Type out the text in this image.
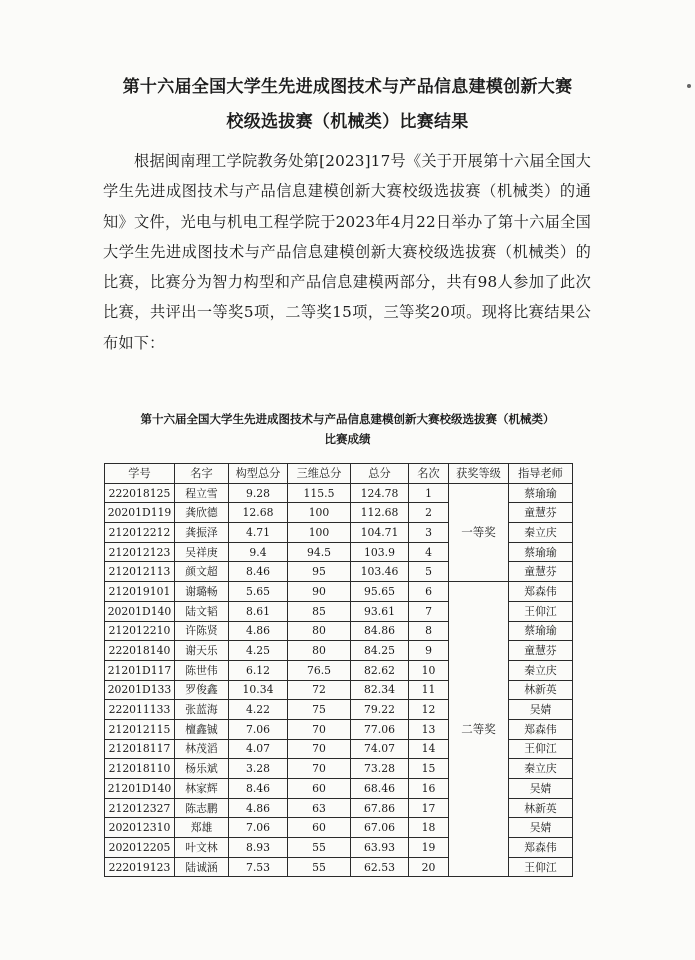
第十六届全国大学生先进成图技术与产品信息建模创新大赛
校级选拔赛（机械类）比赛结果

根据闽南理工学院教务处第[2023]17号《关于开展第十六届全国大学生先进成图技术与产品信息建模创新大赛校级选拔赛（机械类）的通知》文件，光电与机电工程学院于2023年4月22日举办了第十六届全国大学生先进成图技术与产品信息建模创新大赛校级选拔赛（机械类）的比赛，比赛分为智力构型和产品信息建模两部分，共有98人参加了此次比赛，共评出一等奖5项，二等奖15项，三等奖20项。现将比赛结果公布如下：

第十六届全国大学生先进成图技术与产品信息建模创新大赛校级选拔赛（机械类）
比赛成绩
学号	名字	构型总分	三维总分	总分	名次	获奖等级	指导老师
222018125	程立雪	9.28	115.5	124.78	1	一等奖	蔡瑜瑜
20201D119	龚欣德	12.68	100	112.68	2		童慧芬
212012212	龚振泽	4.71	100	104.71	3		秦立庆
212012123	吴祥庚	9.4	94.5	103.9	4		蔡瑜瑜
212012113	颜文超	8.46	95	103.46	5		童慧芬
212019101	谢璐畅	5.65	90	95.65	6	二等奖	郑森伟
20201D140	陆文韬	8.61	85	93.61	7		王仰江
212012210	许陈贤	4.86	80	84.86	8		蔡瑜瑜
222018140	谢天乐	4.25	80	84.25	9		童慧芬
21201D117	陈世伟	6.12	76.5	82.62	10		秦立庆
20201D133	罗俊鑫	10.34	72	82.34	11		林新英
222011133	张蓝海	4.22	75	79.22	12		吴婧
212012115	檀鑫铖	7.06	70	77.06	13		郑森伟
212018117	林茂滔	4.07	70	74.07	14		王仰江
212018110	杨乐斌	3.28	70	73.28	15		秦立庆
21201D140	林家辉	8.46	60	68.46	16		吴婧
212012327	陈志鹏	4.86	63	67.86	17		林新英
202012310	郑雄	7.06	60	67.06	18		吴婧
202012205	叶文林	8.93	55	63.93	19		郑森伟
222019123	陆诚涵	7.53	55	62.53	20		王仰江
